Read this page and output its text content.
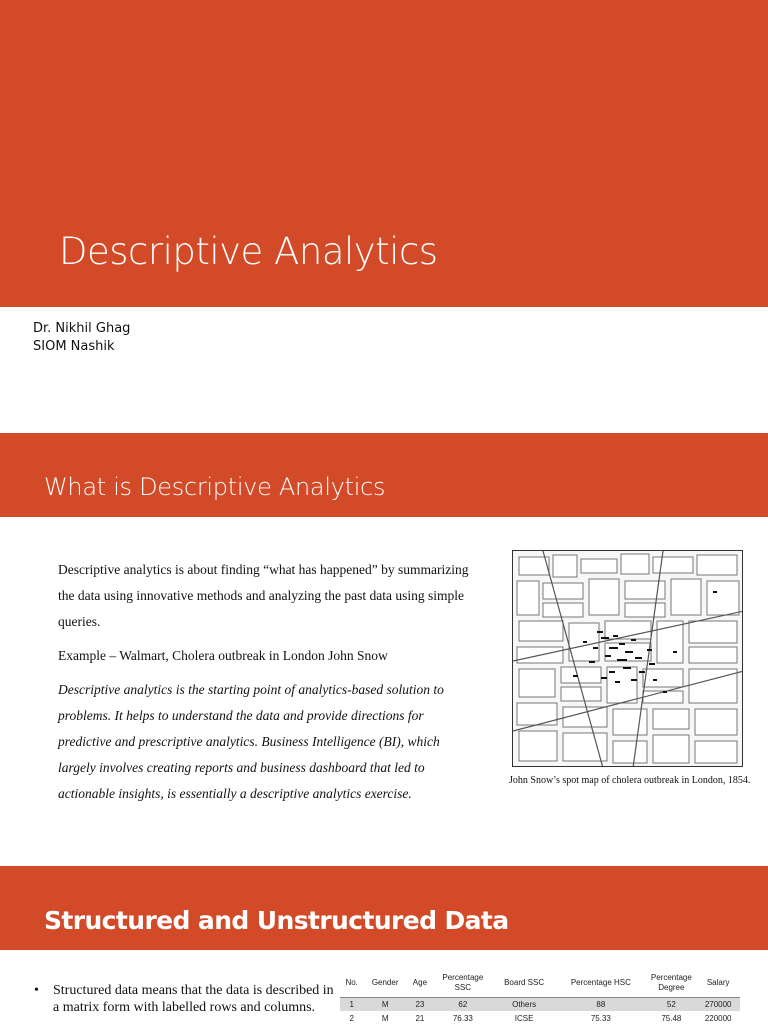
Descriptive Analytics
Dr. Nikhil Ghag
SIOM Nashik
What is Descriptive Analytics

Descriptive analytics is about finding “what has happened” by summarizing the data using innovative methods and analyzing the past data using simple queries.

Example – Walmart, Cholera outbreak in London John Snow

Descriptive analytics is the starting point of analytics-based solution to problems. It helps to understand the data and provide directions for predictive and prescriptive analytics. Business Intelligence (BI), which largely involves creating reports and business dashboard that led to actionable insights, is essentially a descriptive analytics exercise.

John Snow’s spot map of cholera outbreak in London, 1854.
Structured and Unstructured Data
• Structured data means that the data is described in a matrix form with labelled rows and columns.
No.	Gender	Age	Percentage SSC	Board SSC	Percentage HSC	Percentage Degree	Salary
1	M	23	62	Others	88	52	270000
2	M	21	76.33	ICSE	75.33	75.48	220000
